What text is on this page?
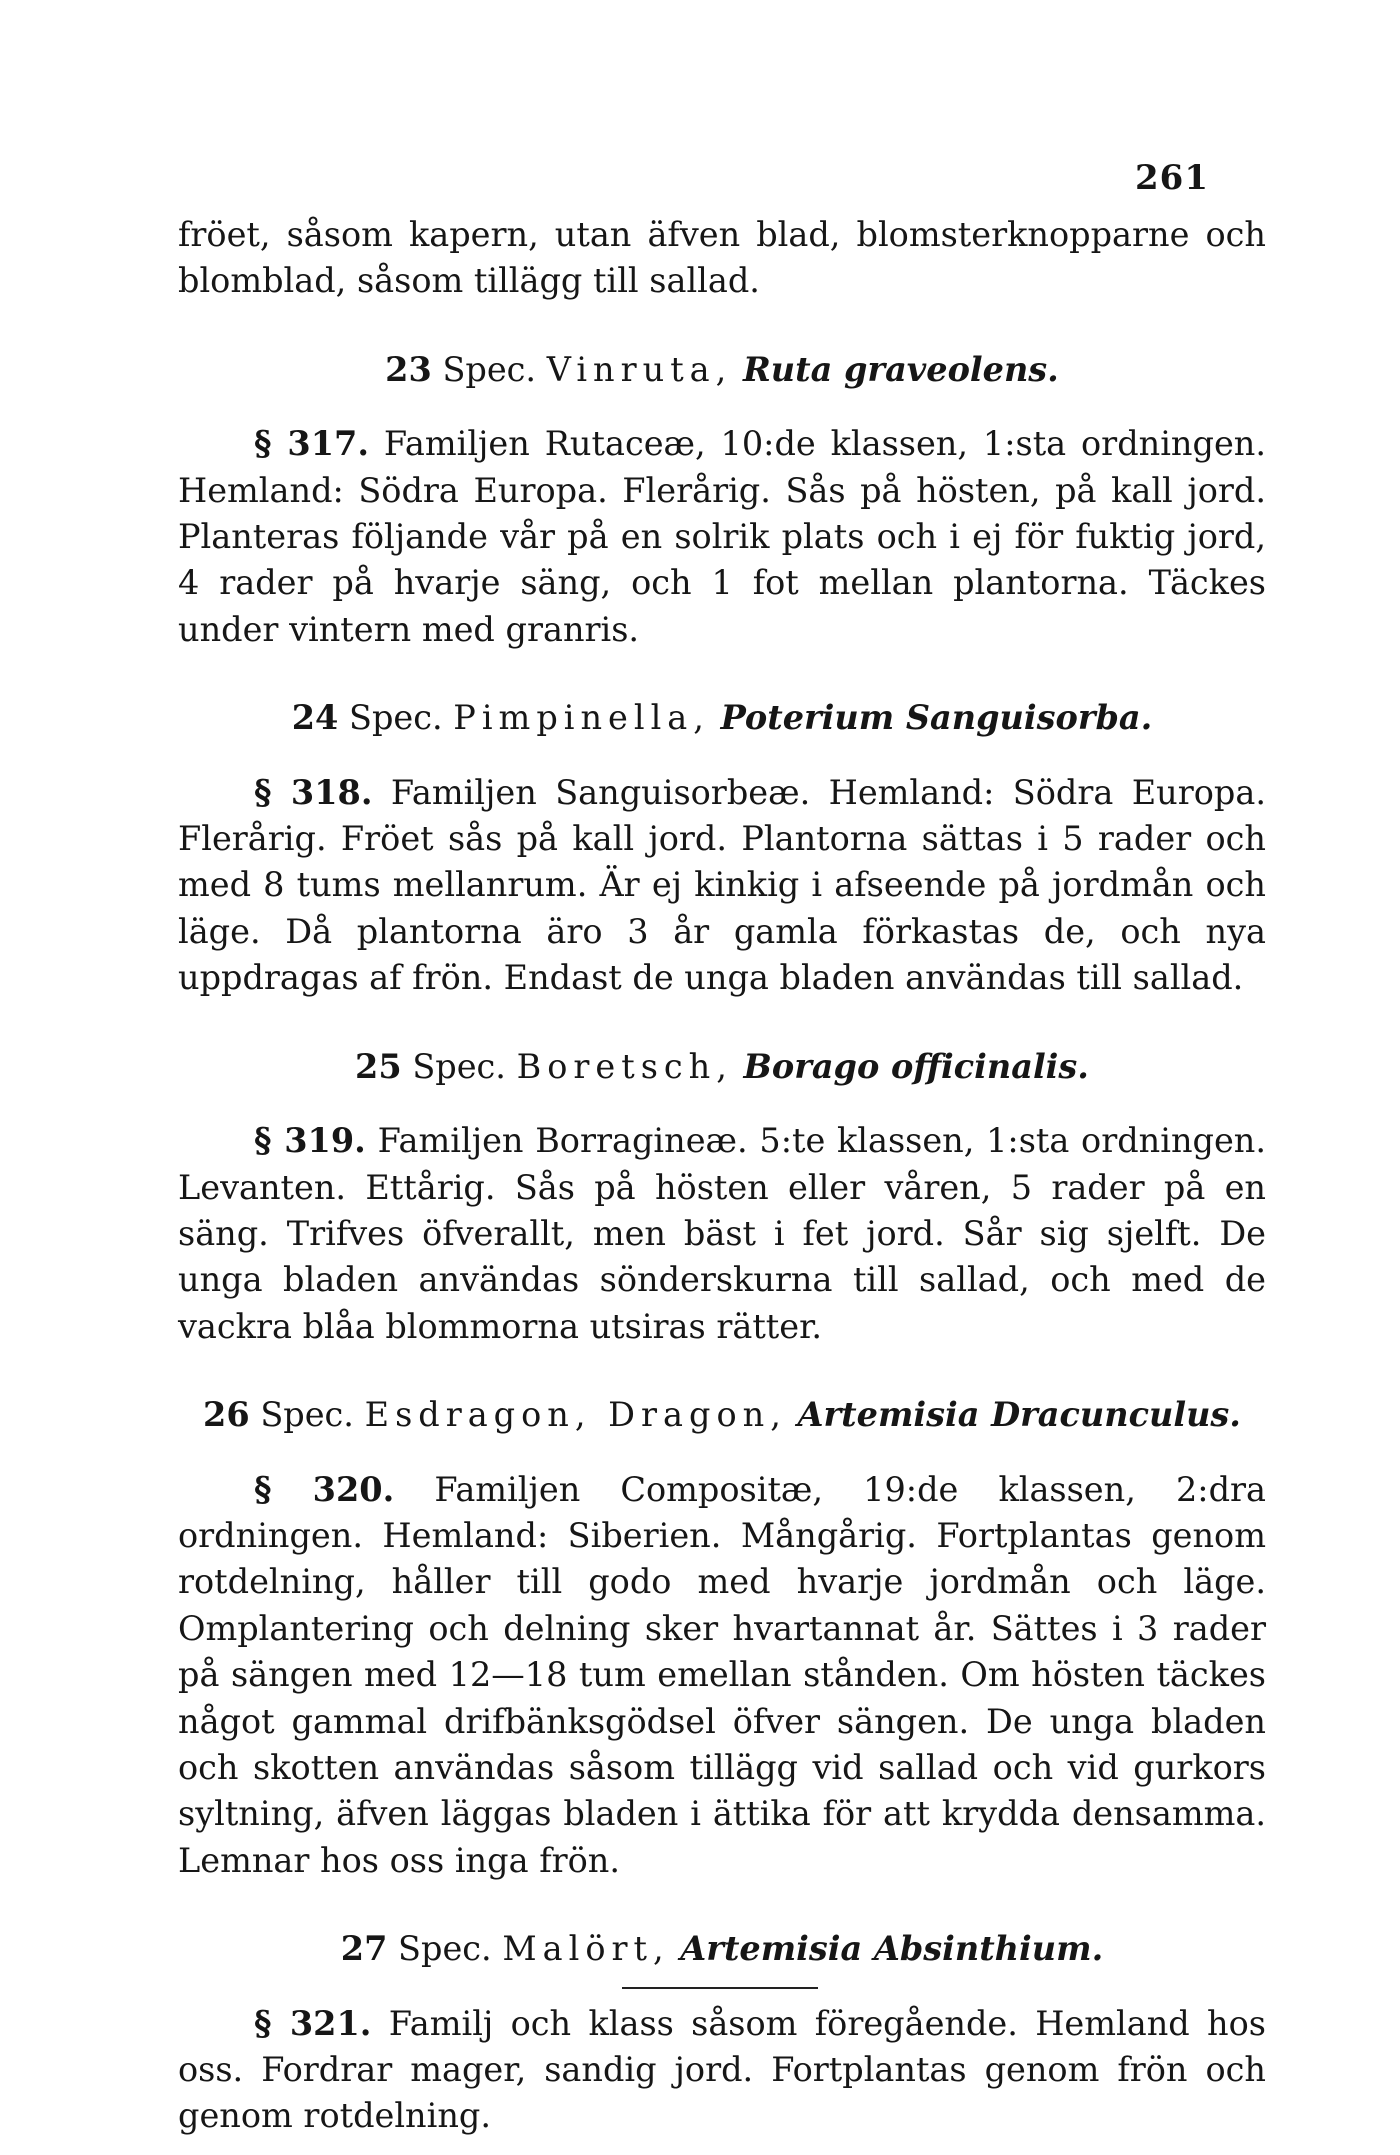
261

fröet, såsom kapern, utan äfven blad, blomsterknopparne och blomblad, såsom tillägg till sallad.

23 Spec. Vinruta, Ruta graveolens.

§ 317. Familjen Rutaceæ, 10:de klassen, 1:sta ordningen. Hemland: Södra Europa. Flerårig. Sås på hösten, på kall jord. Planteras följande vår på en solrik plats och i ej för fuktig jord, 4 rader på hvarje säng, och 1 fot mellan plantorna. Täckes under vintern med granris.

24 Spec. Pimpinella, Poterium Sanguisorba.

§ 318. Familjen Sanguisorbeæ. Hemland: Södra Europa. Flerårig. Fröet sås på kall jord. Plantorna sättas i 5 rader och med 8 tums mellanrum. Är ej kinkig i afseende på jordmån och läge. Då plantorna äro 3 år gamla förkastas de, och nya uppdragas af frön. Endast de unga bladen användas till sallad.

25 Spec. Boretsch, Borago officinalis.

§ 319. Familjen Borragineæ. 5:te klassen, 1:sta ordningen. Levanten. Ettårig. Sås på hösten eller våren, 5 rader på en säng. Trifves öfverallt, men bäst i fet jord. Sår sig sjelft. De unga bladen användas sönderskurna till sallad, och med de vackra blåa blommorna utsiras rätter.

26 Spec. Esdragon, Dragon, Artemisia Dracunculus.

§ 320. Familjen Compositæ, 19:de klassen, 2:dra ordningen. Hemland: Siberien. Mångårig. Fortplantas genom rotdelning, håller till godo med hvarje jordmån och läge. Omplantering och delning sker hvartannat år. Sättes i 3 rader på sängen med 12—18 tum emellan stånden. Om hösten täckes något gammal drifbänksgödsel öfver sängen. De unga bladen och skotten användas såsom tillägg vid sallad och vid gurkors syltning, äfven läggas bladen i ättika för att krydda densamma. Lemnar hos oss inga frön.

27 Spec. Malört, Artemisia Absinthium.

§ 321. Familj och klass såsom föregående. Hemland hos oss. Fordrar mager, sandig jord. Fortplantas genom frön och genom rotdelning.
